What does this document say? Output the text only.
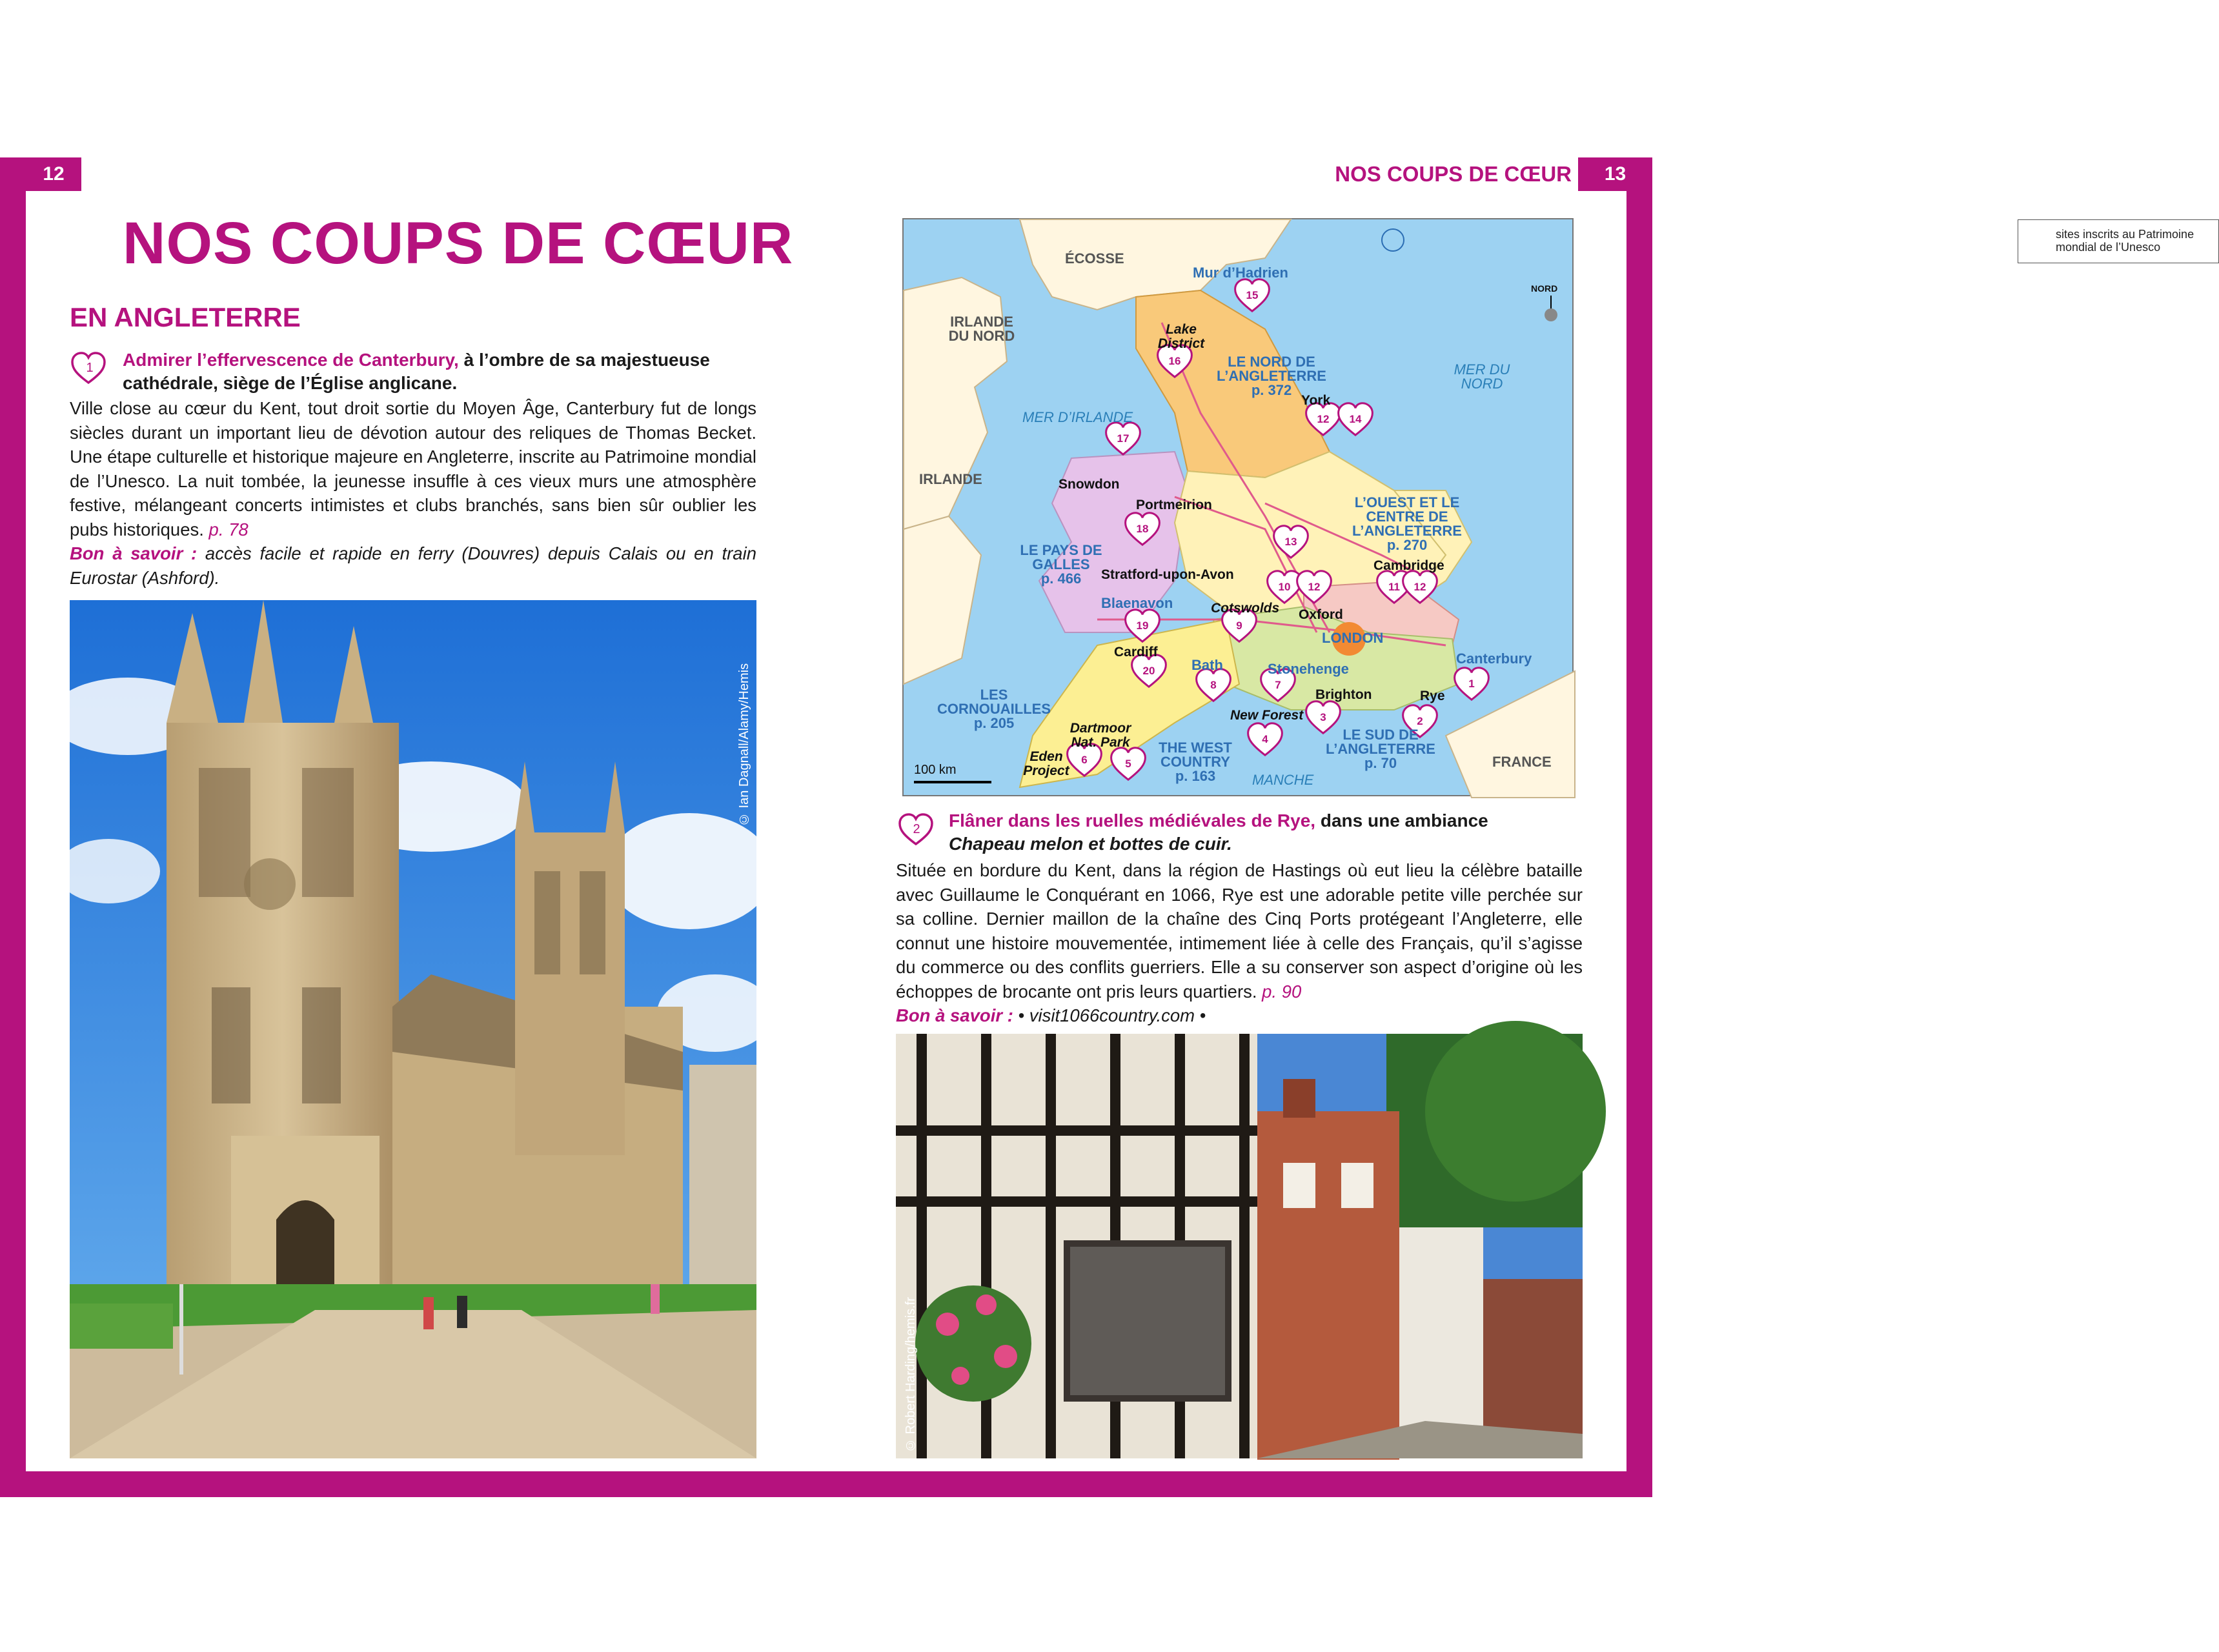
12	NOS COUPS DE CŒUR	13
NOS COUPS DE CŒUR
EN ANGLETERRE
1 Admirer l’effervescence de Canterbury, à l’ombre de sa majestueuse cathédrale, siège de l’Église anglicane.
Ville close au cœur du Kent, tout droit sortie du Moyen Âge, Canterbury fut de longs siècles durant un important lieu de dévotion autour des reliques de Thomas Becket. Une étape culturelle et historique majeure en Angleterre, inscrite au Patrimoine mondial de l’Unesco. La nuit tombée, la jeunesse insuffle à ces vieux murs une atmosphère festive, mélangeant concerts intimistes et clubs branchés, sans bien sûr oublier les pubs historiques. p. 78
Bon à savoir : accès facile et rapide en ferry (Douvres) depuis Calais ou en train Eurostar (Ashford).
© Ian Dagnall/Alamy/Hemis
15
16
12 14
17
18
13
10 12	11 12
19	9
20
8	7	1
3	2
4
6	5
sites inscrits au Patrimoine mondial de l’Unesco
NORD
100 km
MER D’IRLANDE
MER DU NORD
MANCHE
ÉCOSSE
IRLANDE DU NORD
IRLANDE
FRANCE
LE NORD DE L’ANGLETERRE
p. 372
L’OUEST ET LE CENTRE DE L’ANGLETERRE
p. 270
LE PAYS DE GALLES
p. 466
LES CORNOUAILLES
p. 205
THE WEST COUNTRY
p. 163
LE SUD DE L’ANGLETERRE
p. 70
Mur d’Hadrien
Lake District
York
Snowdon
Portmeirion
Stratford-upon-Avon
Cambridge
Blaenavon	Cotswolds Oxford
LONDON
Cardiff
Bath	Stonehenge
Canterbury
Brighton	Rye
New Forest
Dartmoor Nat. Park
Eden Project
2 Flâner dans les ruelles médiévales de Rye, dans une ambiance
Chapeau melon et bottes de cuir.
Située en bordure du Kent, dans la région de Hastings où eut lieu la célèbre bataille avec Guillaume le Conquérant en 1066, Rye est une adorable petite ville perchée sur sa colline. Dernier maillon de la chaîne des Cinq Ports protégeant l’Angleterre, elle connut une histoire mouvementée, intimement liée à celle des Français, qu’il s’agisse du commerce ou des conflits guerriers. Elle a su conserver son aspect d’origine où les échoppes de brocante ont pris leurs quartiers. p. 90
Bon à savoir : • visit1066country.com •
© Robert Harding/hemis.fr
